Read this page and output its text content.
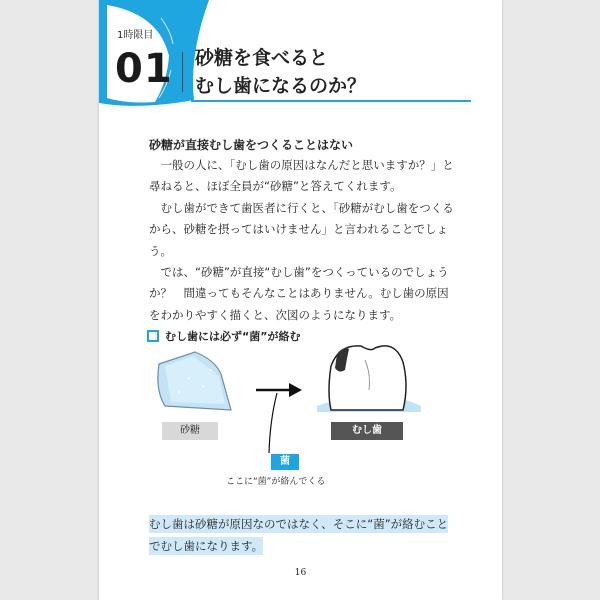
1時限目
01 砂糖を食べると
むし歯になるのか？
砂糖が直接むし歯をつくることはない

一般の人に、「むし歯の原因はなんだと思いますか？」と尋ねると、ほぼ全員が“砂糖”と答えてくれます。

むし歯ができて歯医者に行くと、「砂糖がむし歯をつくるから、砂糖を摂ってはいけません」と言われることでしょう。

では、“砂糖”が直接“むし歯”をつくっているのでしょうか？　間違ってもそんなことはありません。むし歯の原因をわかりやすく描くと、次図のようになります。

むし歯には必ず“菌”が絡む
砂糖	むし歯
菌
ここに“菌”が絡んでくる
むし歯は砂糖が原因なのではなく、そこに“菌”が絡むことでむし歯になります。
16
